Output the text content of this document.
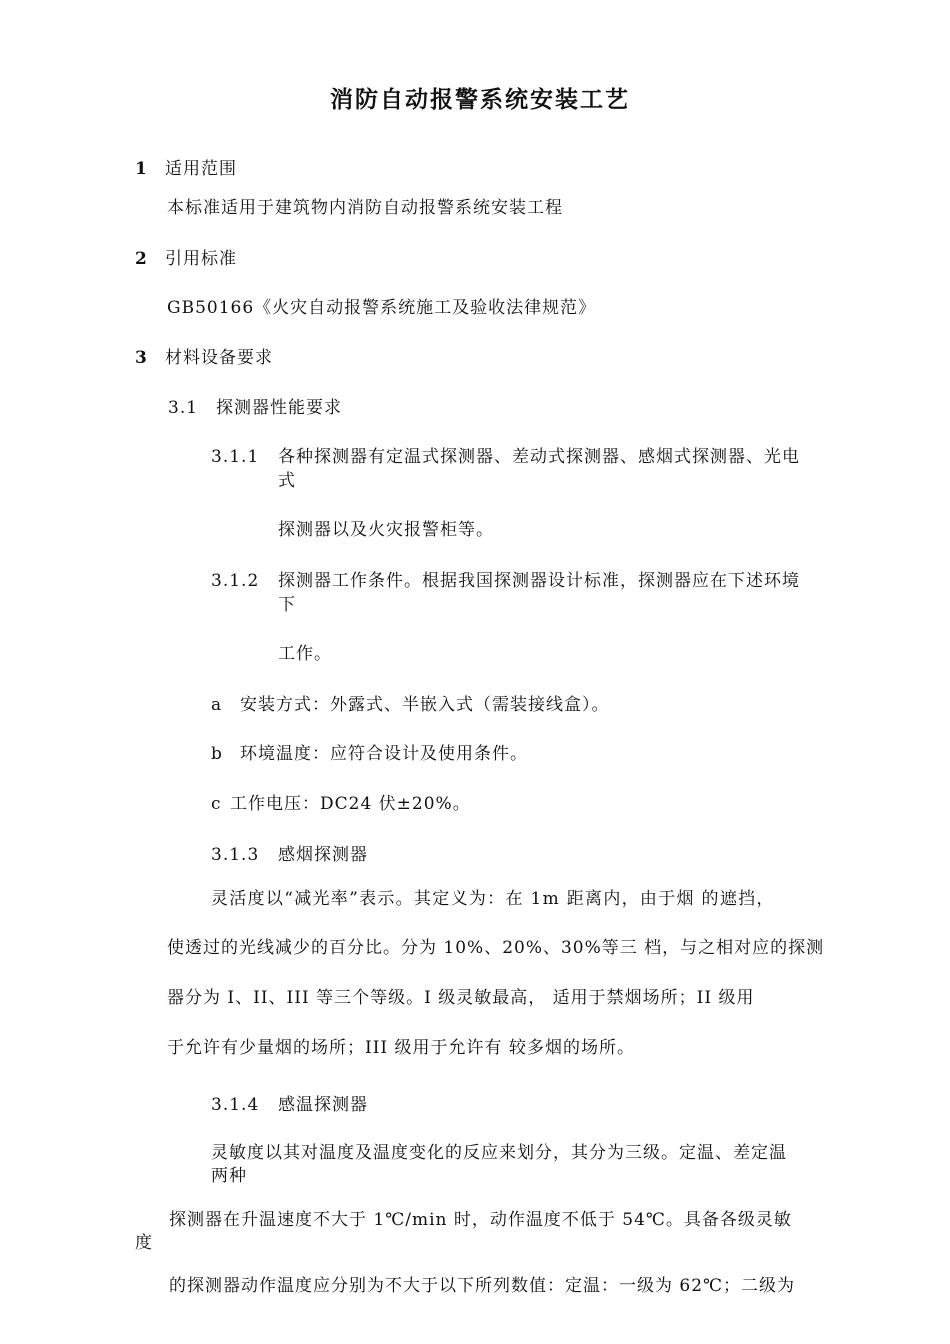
消防自动报警系统安装工艺
1 适用范围
本标准适用于建筑物内消防自动报警系统安装工程
2 引用标准
GB50166《火灾自动报警系统施工及验收法律规范》
3 材料设备要求
3.1 探测器性能要求
3.1.1 各种探测器有定温式探测器、差动式探测器、感烟式探测器、光电
式
探测器以及火灾报警柜等。
3.1.2 探测器工作条件。根据我国探测器设计标准，探测器应在下述环境
下
工作。
a 安装方式：外露式、半嵌入式（需装接线盒）。
b 环境温度：应符合设计及使用条件。
c 工作电压：DC24 伏±20%。
3.1.3 感烟探测器
灵活度以“减光率”表示。其定义为：在 1m 距离内，由于烟 的遮挡，
使透过的光线减少的百分比。分为 10%、20%、30%等三 档，与之相对应的探测
器分为 I、II、III 等三个等级。I 级灵敏最高， 适用于禁烟场所；II 级用
于允许有少量烟的场所；III 级用于允许有 较多烟的场所。
3.1.4 感温探测器
灵敏度以其对温度及温度变化的反应来划分，其分为三级。定温、差定温
两种
探测器在升温速度不大于 1℃/min 时，动作温度不低于 54℃。具备各级灵敏
度
的探测器动作温度应分别为不大于以下所列数值：定温：一级为 62℃；二级为
